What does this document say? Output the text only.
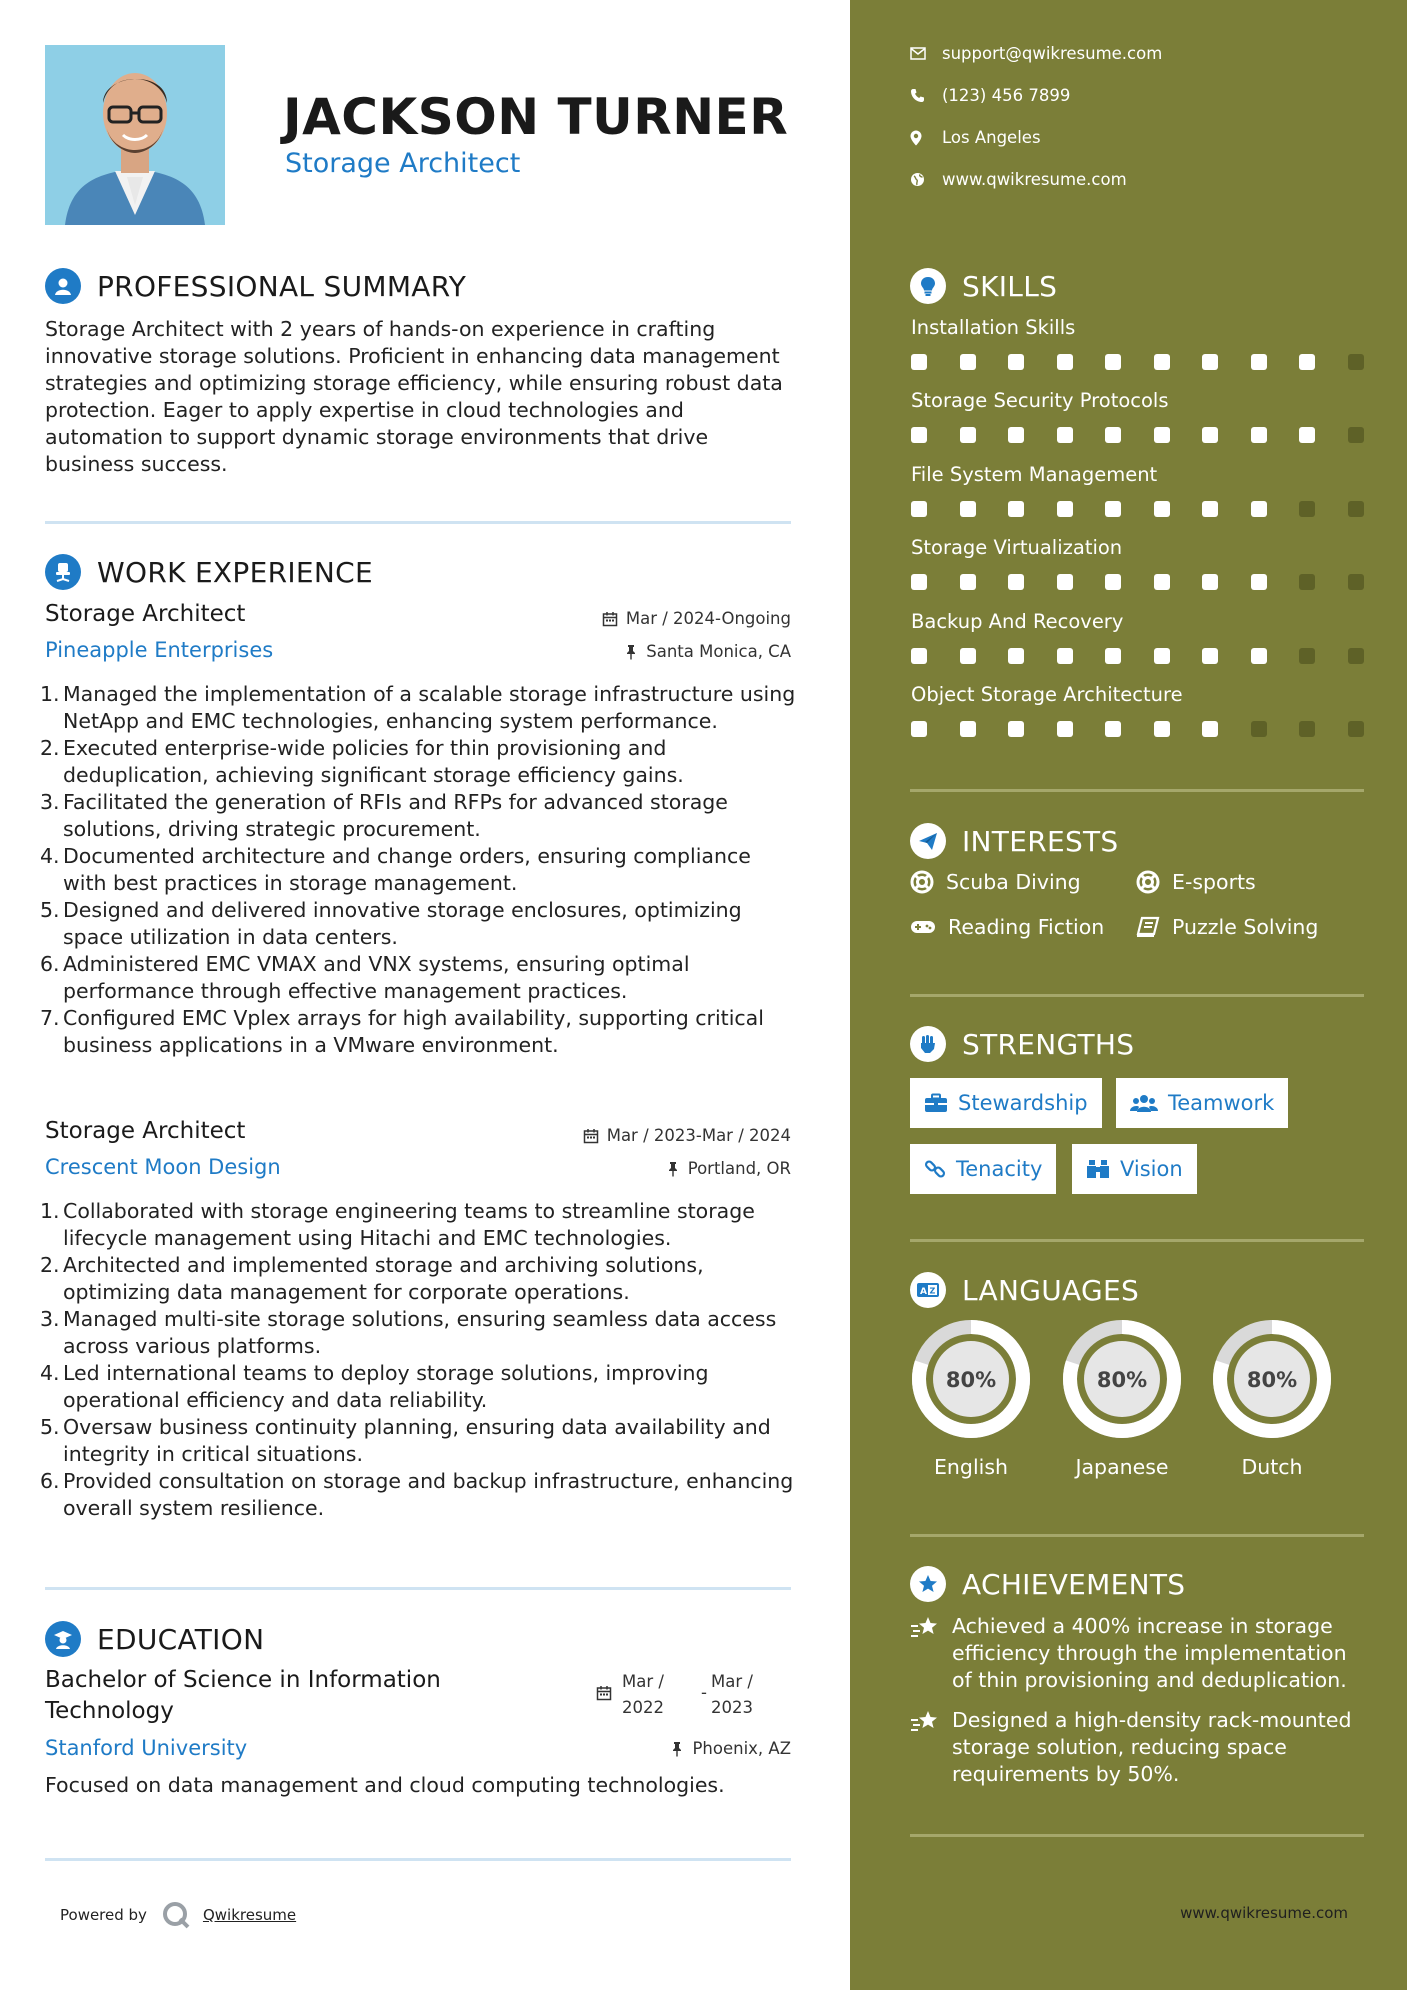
JACKSON TURNER
Storage Architect
PROFESSIONAL SUMMARY
Storage Architect with 2 years of hands-on experience in crafting innovative storage solutions. Proficient in enhancing data management strategies and optimizing storage efficiency, while ensuring robust data protection. Eager to apply expertise in cloud technologies and automation to support dynamic storage environments that drive business success.
WORK EXPERIENCE
Storage Architect	Mar / 2024-Ongoing
Pineapple Enterprises	Santa Monica, CA
1. Managed the implementation of a scalable storage infrastructure using NetApp and EMC technologies, enhancing system performance.
2. Executed enterprise-wide policies for thin provisioning and deduplication, achieving significant storage efficiency gains.
3. Facilitated the generation of RFIs and RFPs for advanced storage solutions, driving strategic procurement.
4. Documented architecture and change orders, ensuring compliance with best practices in storage management.
5. Designed and delivered innovative storage enclosures, optimizing space utilization in data centers.
6. Administered EMC VMAX and VNX systems, ensuring optimal performance through effective management practices.
7. Configured EMC Vplex arrays for high availability, supporting critical business applications in a VMware environment.
Storage Architect	Mar / 2023-Mar / 2024
Crescent Moon Design	Portland, OR
1. Collaborated with storage engineering teams to streamline storage lifecycle management using Hitachi and EMC technologies.
2. Architected and implemented storage and archiving solutions, optimizing data management for corporate operations.
3. Managed multi-site storage solutions, ensuring seamless data access across various platforms.
4. Led international teams to deploy storage solutions, improving operational efficiency and data reliability.
5. Oversaw business continuity planning, ensuring data availability and integrity in critical situations.
6. Provided consultation on storage and backup infrastructure, enhancing overall system resilience.
EDUCATION
Bachelor of Science in Information
Technology
Stanford University
Mar /
2022
-
Mar /
2023
Phoenix, AZ
Focused on data management and cloud computing technologies.
Powered by	Qwikresume
support@qwikresume.com
(123) 456 7899
Los Angeles
www.qwikresume.com
SKILLS
Installation Skills
Storage Security Protocols
File System Management
Storage Virtualization
Backup And Recovery
Object Storage Architecture
INTERESTS
Scuba Diving	E-sports
Reading Fiction	Puzzle Solving
STRENGTHS
Stewardship	Teamwork
Tenacity	Vision
A Z LANGUAGES
80%
English
80%
Japanese
80%
Dutch
ACHIEVEMENTS
Achieved a 400% increase in storage efficiency through the implementation of thin provisioning and deduplication.
Designed a high-density rack-mounted storage solution, reducing space requirements by 50%.
www.qwikresume.com
